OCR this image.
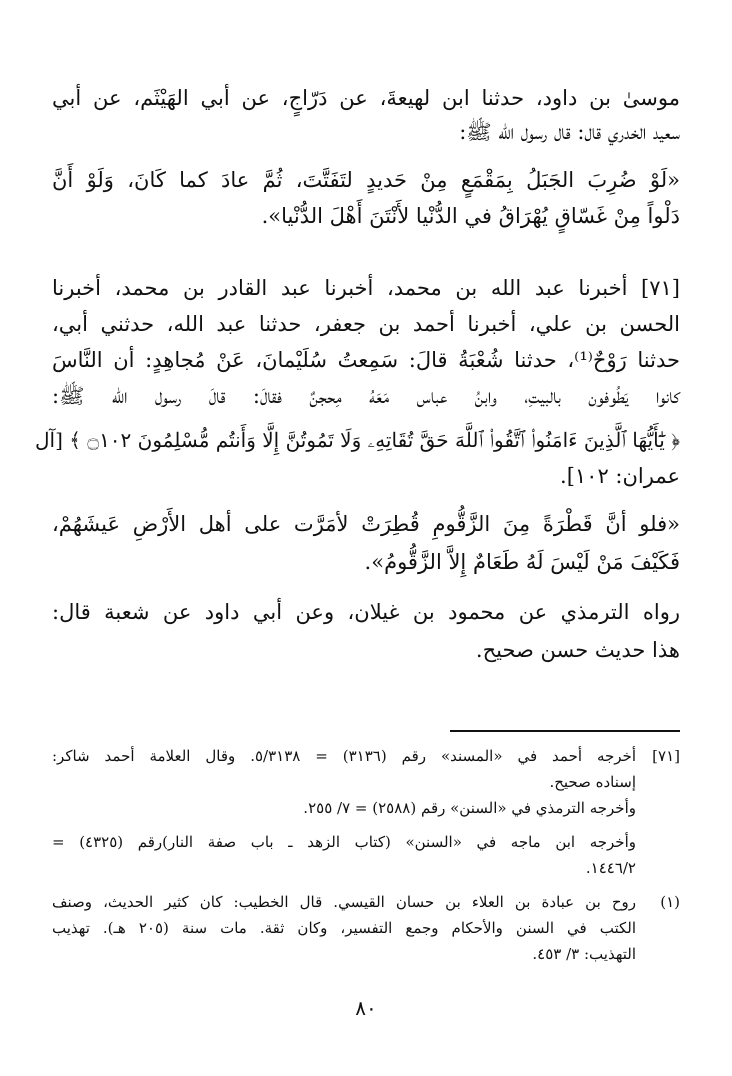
موسىٰ بن داود، حدثنا ابن لهيعةَ، عن دَرّاجٍ، عن أبي الهَيْثَم، عن أبي
سعيد الخدري قال: قال رسول الله ﷺ:
«لَوْ ضُرِبَ الجَبَلُ بِمَقْمَعٍ مِنْ حَديدٍ لتَفَتَّتَ، ثُمَّ عادَ كما كَانَ، وَلَوْ أَنَّ
دَلْواً مِنْ غَسّاقٍ يُهْرَاقُ في الدُّنْيا لأَنْتَنَ أَهْلَ الدُّنْيا».
[٧١] أخبرنا عبد الله بن محمد، أخبرنا عبد القادر بن محمد، أخبرنا
الحسن بن علي، أخبرنا أحمد بن جعفر، حدثنا عبد الله، حدثني أبي،
حدثنا رَوْحٌ⁽¹⁾، حدثنا شُعْبَةُ قالَ: سَمِعتُ سُلَيْمانَ، عَنْ مُجاهِدٍ: أن النَّاسَ
كانوا يَطُوفون بالبيتِ، وابنُ عباس مَعَهُ مِحجنٌ فقالَ: قالَ رسول الله ﷺ:
﴿ يَٰٓأَيُّهَا ٱلَّذِينَ ءَامَنُوا۟ ٱتَّقُوا۟ ٱللَّهَ حَقَّ تُقَاتِهِۦ وَلَا تَمُوتُنَّ إِلَّا وَأَنتُم مُّسْلِمُونَ ۝١٠٢ ﴾ [آل
عمران: ١٠٢].
«فلو أنَّ قَطْرَةً مِنَ الزَّقُّومِ قُطِرَتْ لأمَرَّت على أهل الأَرْضِ عَيشَهُمْ،
فَكَيْفَ مَنْ لَيْسَ لَهُ طَعَامٌ إِلاَّ الزَّقُّومُ».
رواه الترمذي عن محمود بن غيلان، وعن أبي داود عن شعبة قال:
هذا حديث حسن صحيح.
[٧١]
أخرجه أحمد في «المسند» رقم (٣١٣٦) = ٥/٣١٣٨. وقال العلامة أحمد شاكر:
إسناده صحيح.
وأخرجه الترمذي في «السنن» رقم (٢٥٨٨) = ٧/ ٢٥٥.
وأخرجه ابن ماجه في «السنن» (كتاب الزهد ـ باب صفة النار)رقم (٤٣٢٥) =
١٤٤٦/٢.
(١)
روح بن عبادة بن العلاء بن حسان القيسي. قال الخطيب: كان كثير الحديث، وصنف
الكتب في السنن والأحكام وجمع التفسير، وكان ثقة. مات سنة (٢٠٥ هـ). تهذيب
التهذيب: ٣/ ٤٥٣.
٨٠
